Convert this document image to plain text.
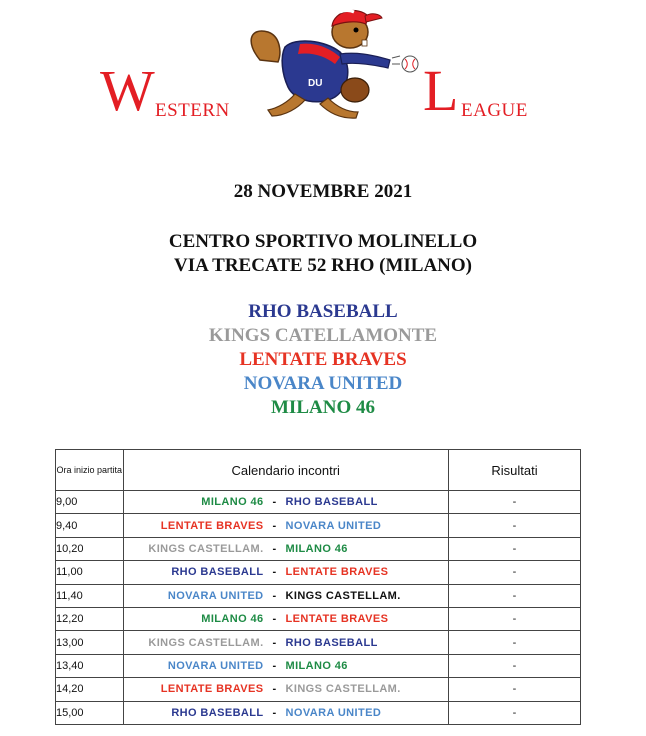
W ESTERN
DU L EAGUE
28 NOVEMBRE 2021
CENTRO SPORTIVO MOLINELLO
VIA TRECATE 52 RHO (MILANO)
RHO BASEBALL
KINGS CATELLAMONTE
LENTATE BRAVES
NOVARA UNITED
MILANO 46
Ora inizio partita	Calendario incontri	Risultati
9,00	MILANO 46 - RHO BASEBALL	-
9,40	LENTATE BRAVES - NOVARA UNITED	-
10,20	KINGS CASTELLAM. - MILANO 46	-
11,00	RHO BASEBALL - LENTATE BRAVES	-
11,40	NOVARA UNITED - KINGS CASTELLAM.	-
12,20	MILANO 46 - LENTATE BRAVES	-
13,00	KINGS CASTELLAM. - RHO BASEBALL	-
13,40	NOVARA UNITED - MILANO 46	-
14,20	LENTATE BRAVES - KINGS CASTELLAM.	-
15,00	RHO BASEBALL - NOVARA UNITED	-
